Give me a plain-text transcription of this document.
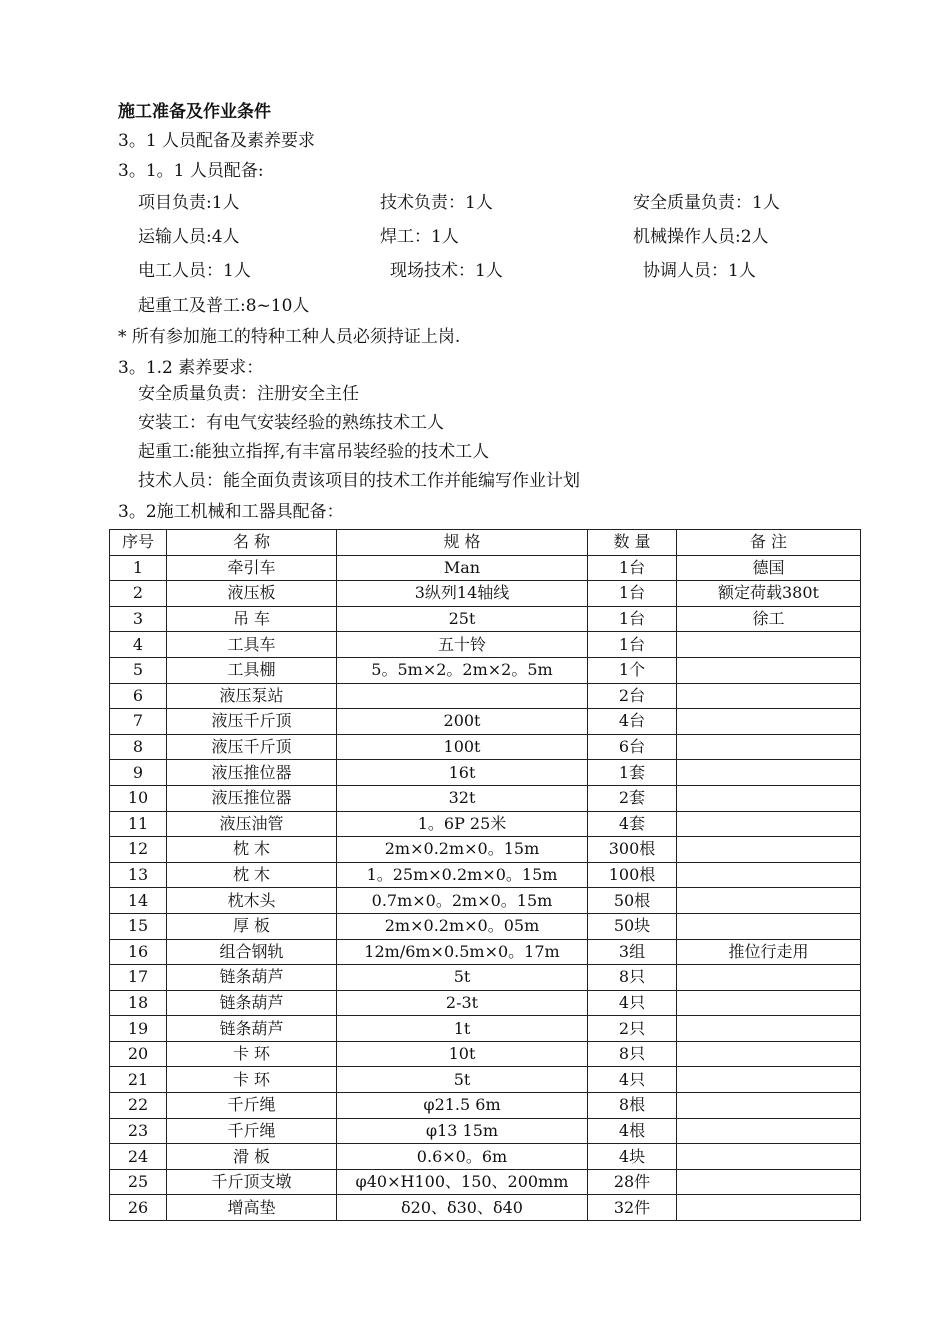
施工准备及作业条件
3。1 人员配备及素养要求
3。1。1 人员配备:
项目负责:1人	技术负责：1人	安全质量负责：1人
运输人员:4人	焊工：1人	机械操作人员:2人
电工人员：1人	现场技术：1人	协调人员：1人
起重工及普工:8~10人
* 所有参加施工的特种工种人员必须持证上岗.
3。1.2 素养要求：
安全质量负责：注册安全主任
安装工：有电气安装经验的熟练技术工人
起重工:能独立指挥,有丰富吊装经验的技术工人
技术人员：能全面负责该项目的技术工作并能编写作业计划
3。2施工机械和工器具配备：
序号	名 称	规 格	数 量	备 注
1	牵引车	Man	1台	德国
2	液压板	3纵列14轴线	1台	额定荷载380t
3	吊 车	25t	1台	徐工
4	工具车	五十铃	1台	
5	工具棚	5。5m×2。2m×2。5m	1个	
6	液压泵站		2台	
7	液压千斤顶	200t	4台	
8	液压千斤顶	100t	6台	
9	液压推位器	16t	1套	
10	液压推位器	32t	2套	
11	液压油管	1。6P 25米	4套	
12	枕 木	2m×0.2m×0。15m	300根	
13	枕 木	1。25m×0.2m×0。15m	100根	
14	枕木头	0.7m×0。2m×0。15m	50根	
15	厚 板	2m×0.2m×0。05m	50块	
16	组合钢轨	12m/6m×0.5m×0。17m	3组	推位行走用
17	链条葫芦	5t	8只	
18	链条葫芦	2-3t	4只	
19	链条葫芦	1t	2只	
20	卡 环	10t	8只	
21	卡 环	5t	4只	
22	千斤绳	φ21.5 6m	8根	
23	千斤绳	φ13 15m	4根	
24	滑 板	0.6×0。6m	4块	
25	千斤顶支墩	φ40×H100、150、200mm	28件	
26	增高垫	δ20、δ30、δ40	32件	
